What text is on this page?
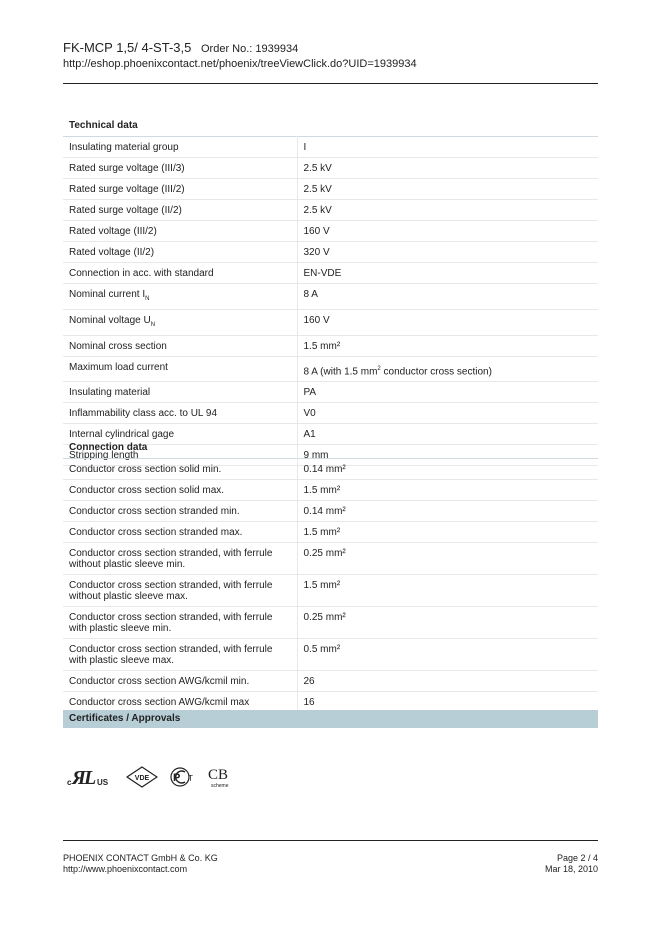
FK-MCP 1,5/ 4-ST-3,5 Order No.: 1939934
http://eshop.phoenixcontact.net/phoenix/treeViewClick.do?UID=1939934
Technical data
Insulating material group	I
Rated surge voltage (III/3)	2.5 kV
Rated surge voltage (III/2)	2.5 kV
Rated surge voltage (II/2)	2.5 kV
Rated voltage (III/2)	160 V
Rated voltage (II/2)	320 V
Connection in acc. with standard	EN-VDE
Nominal current $I_N$	8 A
Nominal voltage $U_N$	160 V
Nominal cross section	1.5 mm²
Maximum load current	8 A (with 1.5 $mm^2$ conductor cross section)
Insulating material	PA
Inflammability class acc. to UL 94	V0
Internal cylindrical gage	A1
Stripping length	9 mm
Connection data
Conductor cross section solid min.	0.14 mm²
Conductor cross section solid max.	1.5 mm²
Conductor cross section stranded min.	0.14 mm²
Conductor cross section stranded max.	1.5 mm²
Conductor cross section stranded, with ferrule without plastic sleeve min.	0.25 mm²
Conductor cross section stranded, with ferrule without plastic sleeve max.	1.5 mm²
Conductor cross section stranded, with ferrule with plastic sleeve min.	0.25 mm²
Conductor cross section stranded, with ferrule with plastic sleeve max.	0.5 mm²
Conductor cross section AWG/kcmil min.	26
Conductor cross section AWG/kcmil max	16
Certificates / Approvals
c Я
L US	VDE P T CB
scheme
PHOENIX CONTACT GmbH & Co. KG
http://www.phoenixcontact.com
Page 2 / 4
Mar 18, 2010
